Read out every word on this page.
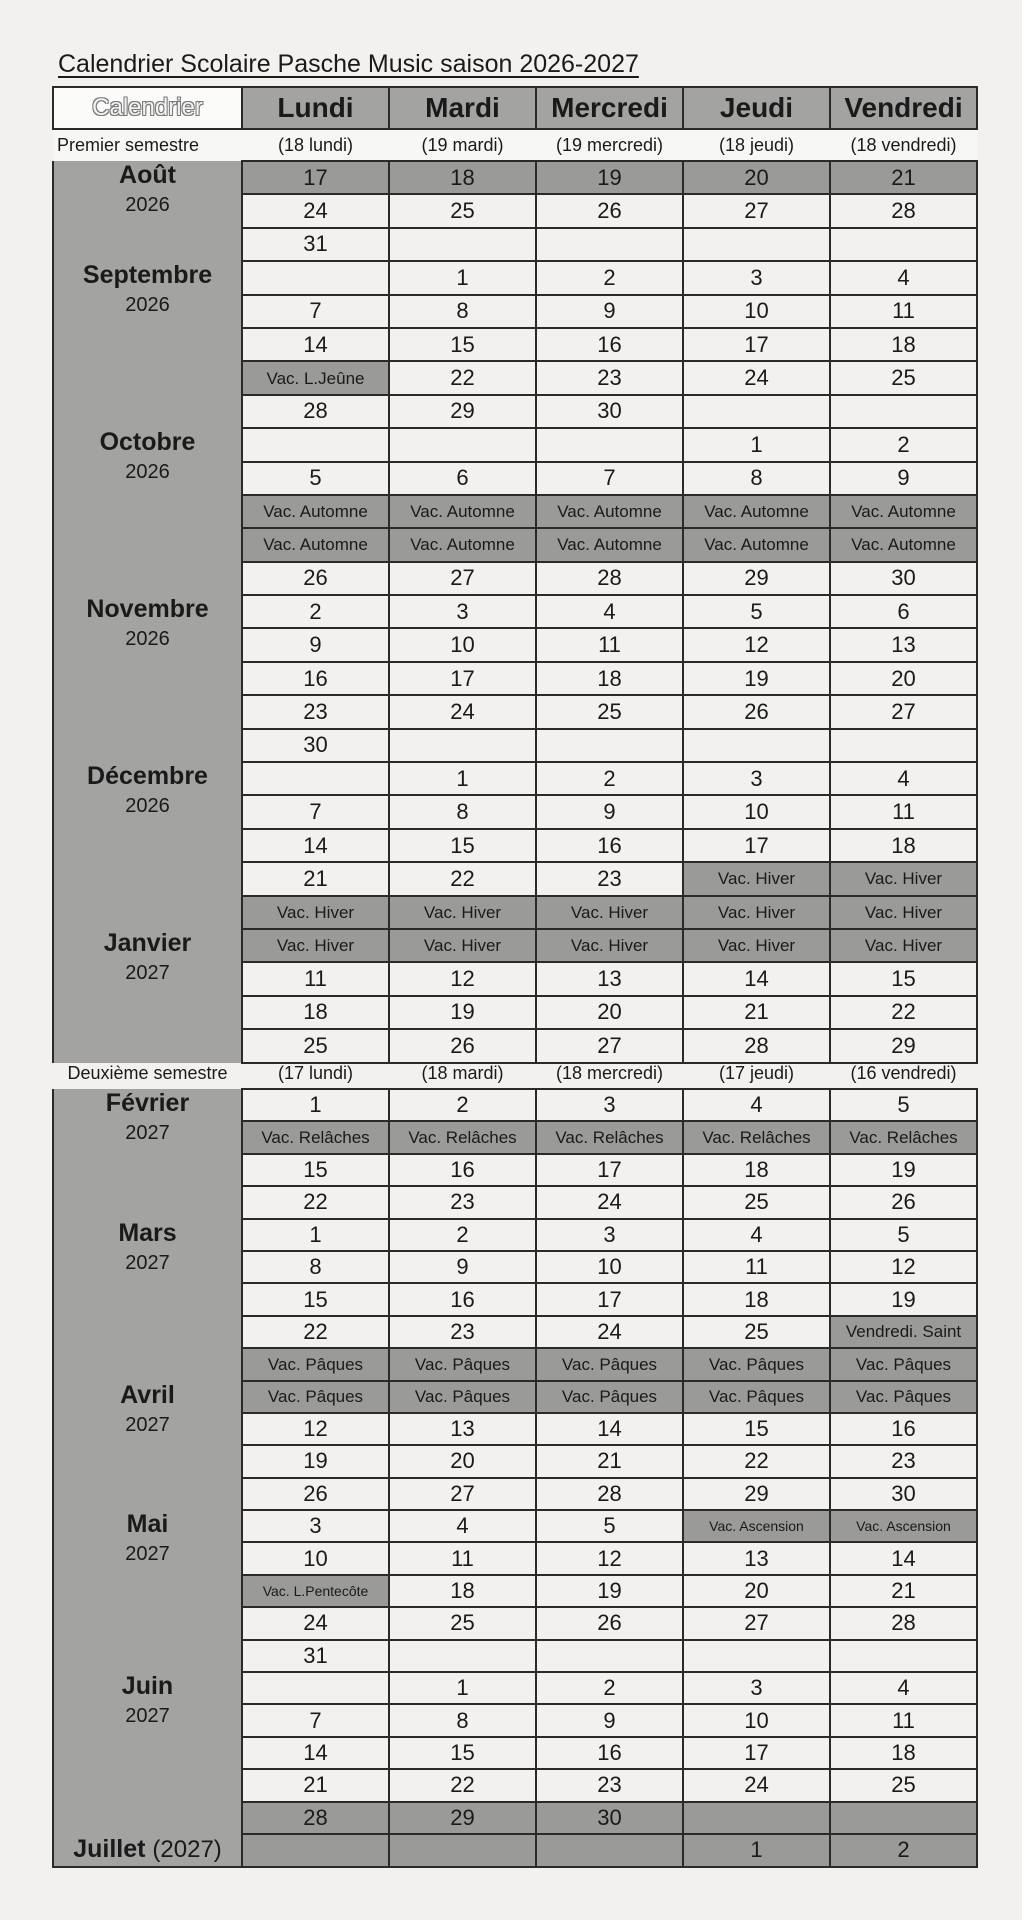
Calendrier Scolaire Pasche Music saison 2026-2027
Calendrier	Lundi	Mardi	Mercredi	Jeudi	Vendredi
Premier semestre	(18 lundi)	(19 mardi)	(19 mercredi)	(18 jeudi)	(18 vendredi)

Août
2026	17	18	19	20	21
	24	25	26	27	28
	31				

Septembre
2026		1	2	3	4
	7	8	9	10	11
	14	15	16	17	18
	Vac. L.Jeûne	22	23	24	25
	28	29	30		

Octobre
2026				1	2
	5	6	7	8	9
	Vac. Automne	Vac. Automne	Vac. Automne	Vac. Automne	Vac. Automne
	Vac. Automne	Vac. Automne	Vac. Automne	Vac. Automne	Vac. Automne
	26	27	28	29	30

Novembre
2026	2	3	4	5	6
	9	10	11	12	13
	16	17	18	19	20
	23	24	25	26	27
	30				

Décembre
2026		1	2	3	4
	7	8	9	10	11
	14	15	16	17	18
	21	22	23	Vac. Hiver	Vac. Hiver
	Vac. Hiver	Vac. Hiver	Vac. Hiver	Vac. Hiver	Vac. Hiver

Janvier
2027	Vac. Hiver	Vac. Hiver	Vac. Hiver	Vac. Hiver	Vac. Hiver
	11	12	13	14	15
	18	19	20	21	22
	25	26	27	28	29
Deuxième semestre	(17 lundi)	(18 mardi)	(18 mercredi)	(17 jeudi)	(16 vendredi)

Février
2027	1	2	3	4	5
	Vac. Relâches	Vac. Relâches	Vac. Relâches	Vac. Relâches	Vac. Relâches
	15	16	17	18	19
	22	23	24	25	26

Mars
2027	1	2	3	4	5
	8	9	10	11	12
	15	16	17	18	19
	22	23	24	25	Vendredi. Saint
	Vac. Pâques	Vac. Pâques	Vac. Pâques	Vac. Pâques	Vac. Pâques

Avril
2027	Vac. Pâques	Vac. Pâques	Vac. Pâques	Vac. Pâques	Vac. Pâques
	12	13	14	15	16
	19	20	21	22	23
	26	27	28	29	30

Mai
2027	3	4	5	Vac. Ascension	Vac. Ascension
	10	11	12	13	14
	Vac. L.Pentecôte	18	19	20	21
	24	25	26	27	28
	31				

Juin
2027		1	2	3	4
	7	8	9	10	11
	14	15	16	17	18
	21	22	23	24	25
	28	29	30		
Juillet (2027)				1	2
